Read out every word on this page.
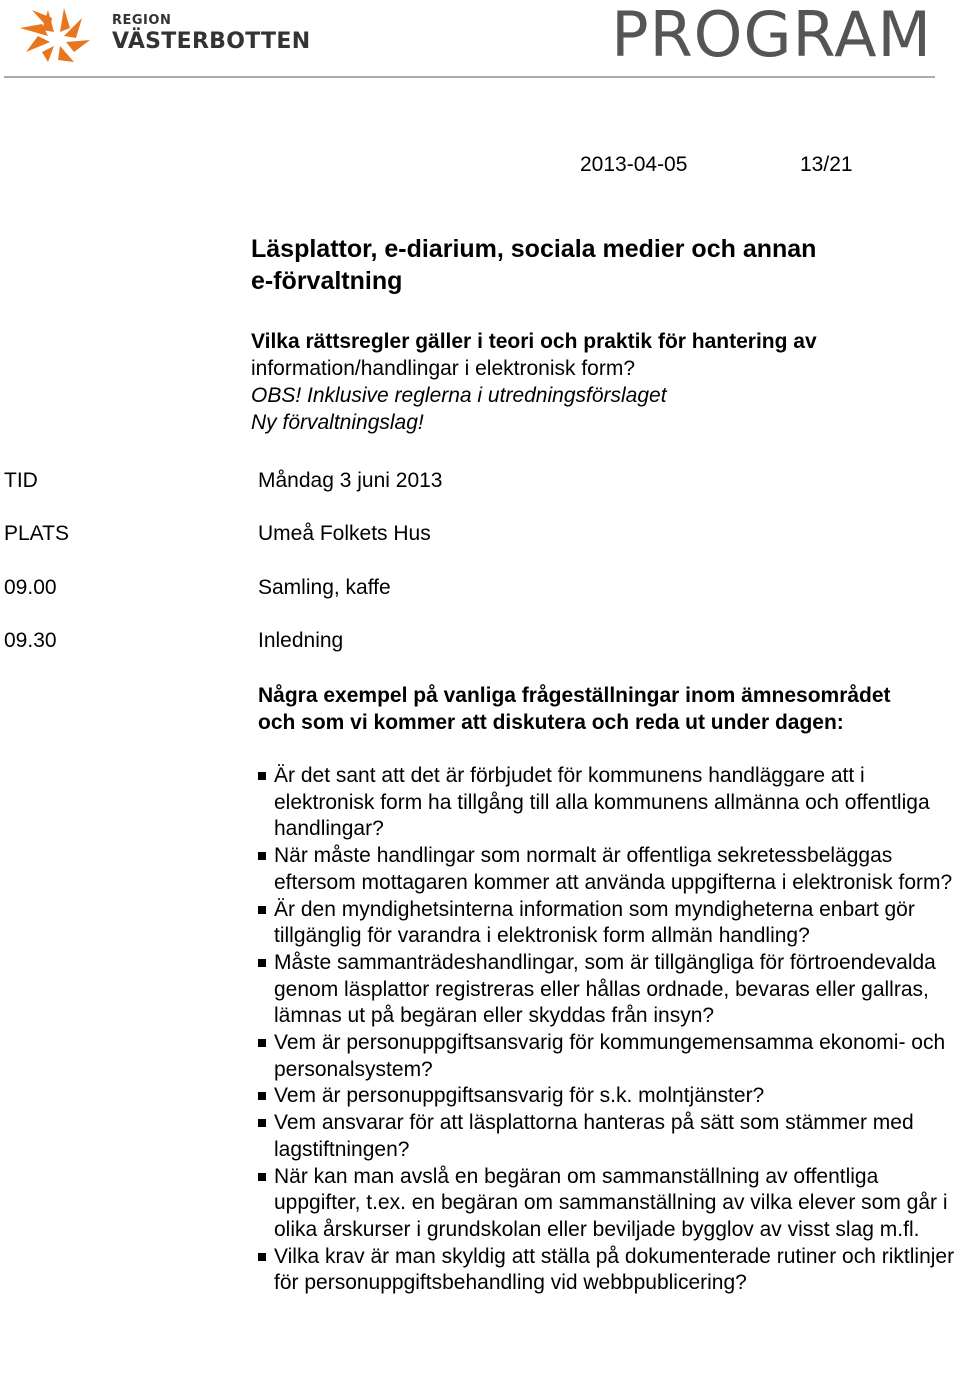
REGION
VÄSTERBOTTEN	PROGRAM
2013-04-05	13/21
Läsplattor, e-diarium, sociala medier och annan
e-förvaltning
Vilka rättsregler gäller i teori och praktik för hantering av
information/handlingar i elektronisk form?
OBS! Inklusive reglerna i utredningsförslaget
Ny förvaltningslag!
TID	Måndag 3 juni 2013
PLATS	Umeå Folkets Hus
09.00	Samling, kaffe
09.30	Inledning
Några exempel på vanliga frågeställningar inom ämnesområdet
och som vi kommer att diskutera och reda ut under dagen:
Är det sant att det är förbjudet för kommunens handläggare att i elektronisk form ha tillgång till alla kommunens allmänna och offentliga handlingar?
När måste handlingar som normalt är offentliga sekretessbeläggas eftersom mottagaren kommer att använda uppgifterna i elektronisk form?
Är den myndighetsinterna information som myndigheterna enbart gör tillgänglig för varandra i elektronisk form allmän handling?
Måste sammanträdeshandlingar, som är tillgängliga för förtroendevalda genom läsplattor registreras eller hållas ordnade, bevaras eller gallras, lämnas ut på begäran eller skyddas från insyn?
Vem är personuppgiftsansvarig för kommungemensamma ekonomi- och personalsystem?
Vem är personuppgiftsansvarig för s.k. molntjänster?
Vem ansvarar för att läsplattorna hanteras på sätt som stämmer med lagstiftningen?
När kan man avslå en begäran om sammanställning av offentliga uppgifter, t.ex. en begäran om sammanställning av vilka elever som går i olika årskurser i grundskolan eller beviljade bygglov av visst slag m.fl.
Vilka krav är man skyldig att ställa på dokumenterade rutiner och riktlinjer för personuppgiftsbehandling vid webbpublicering?
